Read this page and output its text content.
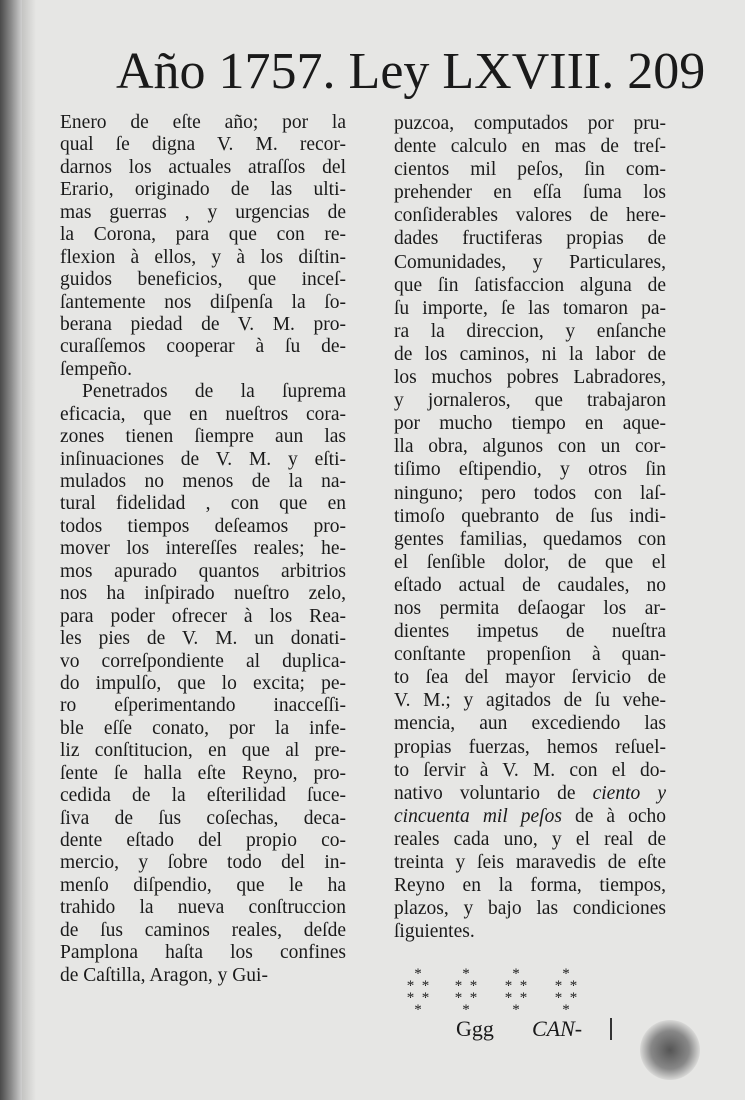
Año 1757. Ley LXVIII. 209
Enero de eſte año; por la
qual ſe digna V. M. recor-
darnos los actuales atraſſos del
Erario, originado de las ulti-
mas guerras , y urgencias de
la Corona, para que con re-
flexion à ellos, y à los diſtin-
guidos beneficios, que inceſ-
ſantemente nos diſpenſa la ſo-
berana piedad de V. M. pro-
curaſſemos cooperar à ſu de-
ſempeño.
Penetrados de la ſuprema
eficacia, que en nueſtros cora-
zones tienen ſiempre aun las
inſinuaciones de V. M. y eſti-
mulados no menos de la na-
tural fidelidad , con que en
todos tiempos deſeamos pro-
mover los intereſſes reales; he-
mos apurado quantos arbitrios
nos ha inſpirado nueſtro zelo,
para poder ofrecer à los Rea-
les pies de V. M. un donati-
vo correſpondiente al duplica-
do impulſo, que lo excita; pe-
ro eſperimentando inacceſſi-
ble eſſe conato, por la infe-
liz conſtitucion, en que al pre-
ſente ſe halla eſte Reyno, pro-
cedida de la eſterilidad ſuce-
ſiva de ſus coſechas, deca-
dente eſtado del propio co-
mercio, y ſobre todo del in-
menſo diſpendio, que le ha
trahido la nueva conſtruccion
de ſus caminos reales, deſde
Pamplona haſta los confines
de Caſtilla, Aragon, y Gui-
puzcoa, computados por pru-
dente calculo en mas de treſ-
cientos mil peſos, ſin com-
prehender en eſſa ſuma los
conſiderables valores de here-
dades fructiferas propias de
Comunidades, y Particulares,
que ſin ſatisfaccion alguna de
ſu importe, ſe las tomaron pa-
ra la direccion, y enſanche
de los caminos, ni la labor de
los muchos pobres Labradores,
y jornaleros, que trabajaron
por mucho tiempo en aque-
lla obra, algunos con un cor-
tiſimo eſtipendio, y otros ſin
ninguno; pero todos con laſ-
timoſo quebranto de ſus indi-
gentes familias, quedamos con
el ſenſible dolor, de que el
eſtado actual de caudales, no
nos permita deſaogar los ar-
dientes impetus de nueſtra
conſtante propenſion à quan-
to ſea del mayor ſervicio de
V. M.; y agitados de ſu vehe-
mencia, aun excediendo las
propias fuerzas, hemos reſuel-
to ſervir à V. M. con el do-
nativo voluntario de ciento y
cincuenta mil peſos de à ocho
reales cada uno, y el real de
treinta y ſeis maravedis de eſte
Reyno en la forma, tiempos,
plazos, y bajo las condiciones
ſiguientes.
*
*  *
*  *
*
*
*  *
*  *
*
*
*  *
*  *
*
*
*  *
*  *
*
Ggg CAN-
